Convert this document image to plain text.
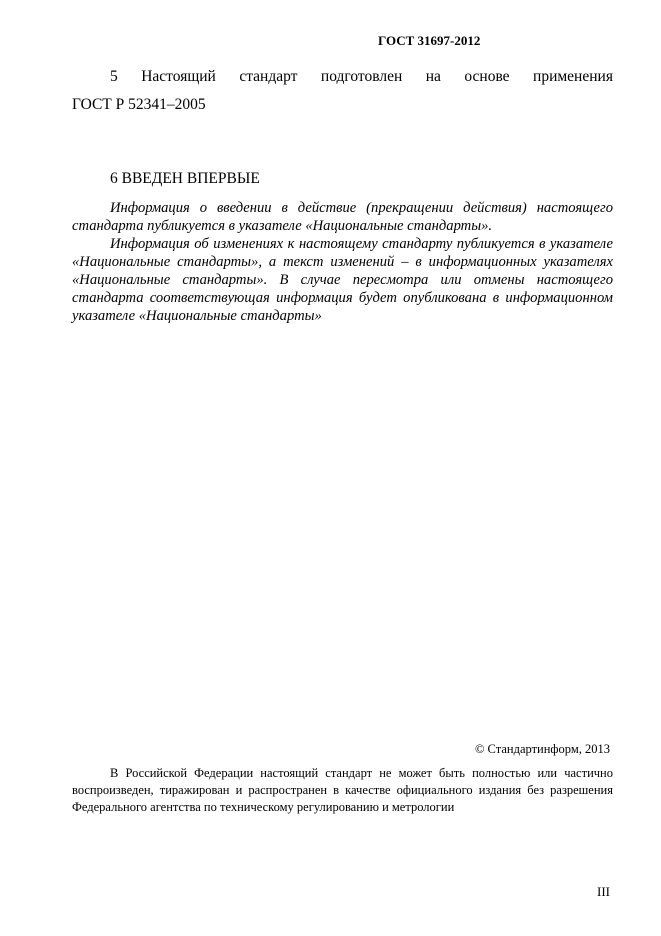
ГОСТ 31697-2012
5 Настоящий стандарт подготовлен на основе применения
ГОСТ Р 52341–2005
6 ВВЕДЕН ВПЕРВЫЕ

Информация о введении в действие (прекращении действия) настоящего стандарта публикуется в указателе «Национальные стандарты».

Информация об изменениях к настоящему стандарту публикуется в указателе «Национальные стандарты», а текст изменений – в информационных указателях «Национальные стандарты». В случае пересмотра или отмены настоящего стандарта соответствующая информация будет опубликована в информационном указателе «Национальные стандарты»

© Стандартинформ, 2013

В Российской Федерации настоящий стандарт не может быть полностью или частично воспроизведен, тиражирован и распространен в качестве официального издания без разрешения Федерального агентства по техническому регулированию и метрологии

III
